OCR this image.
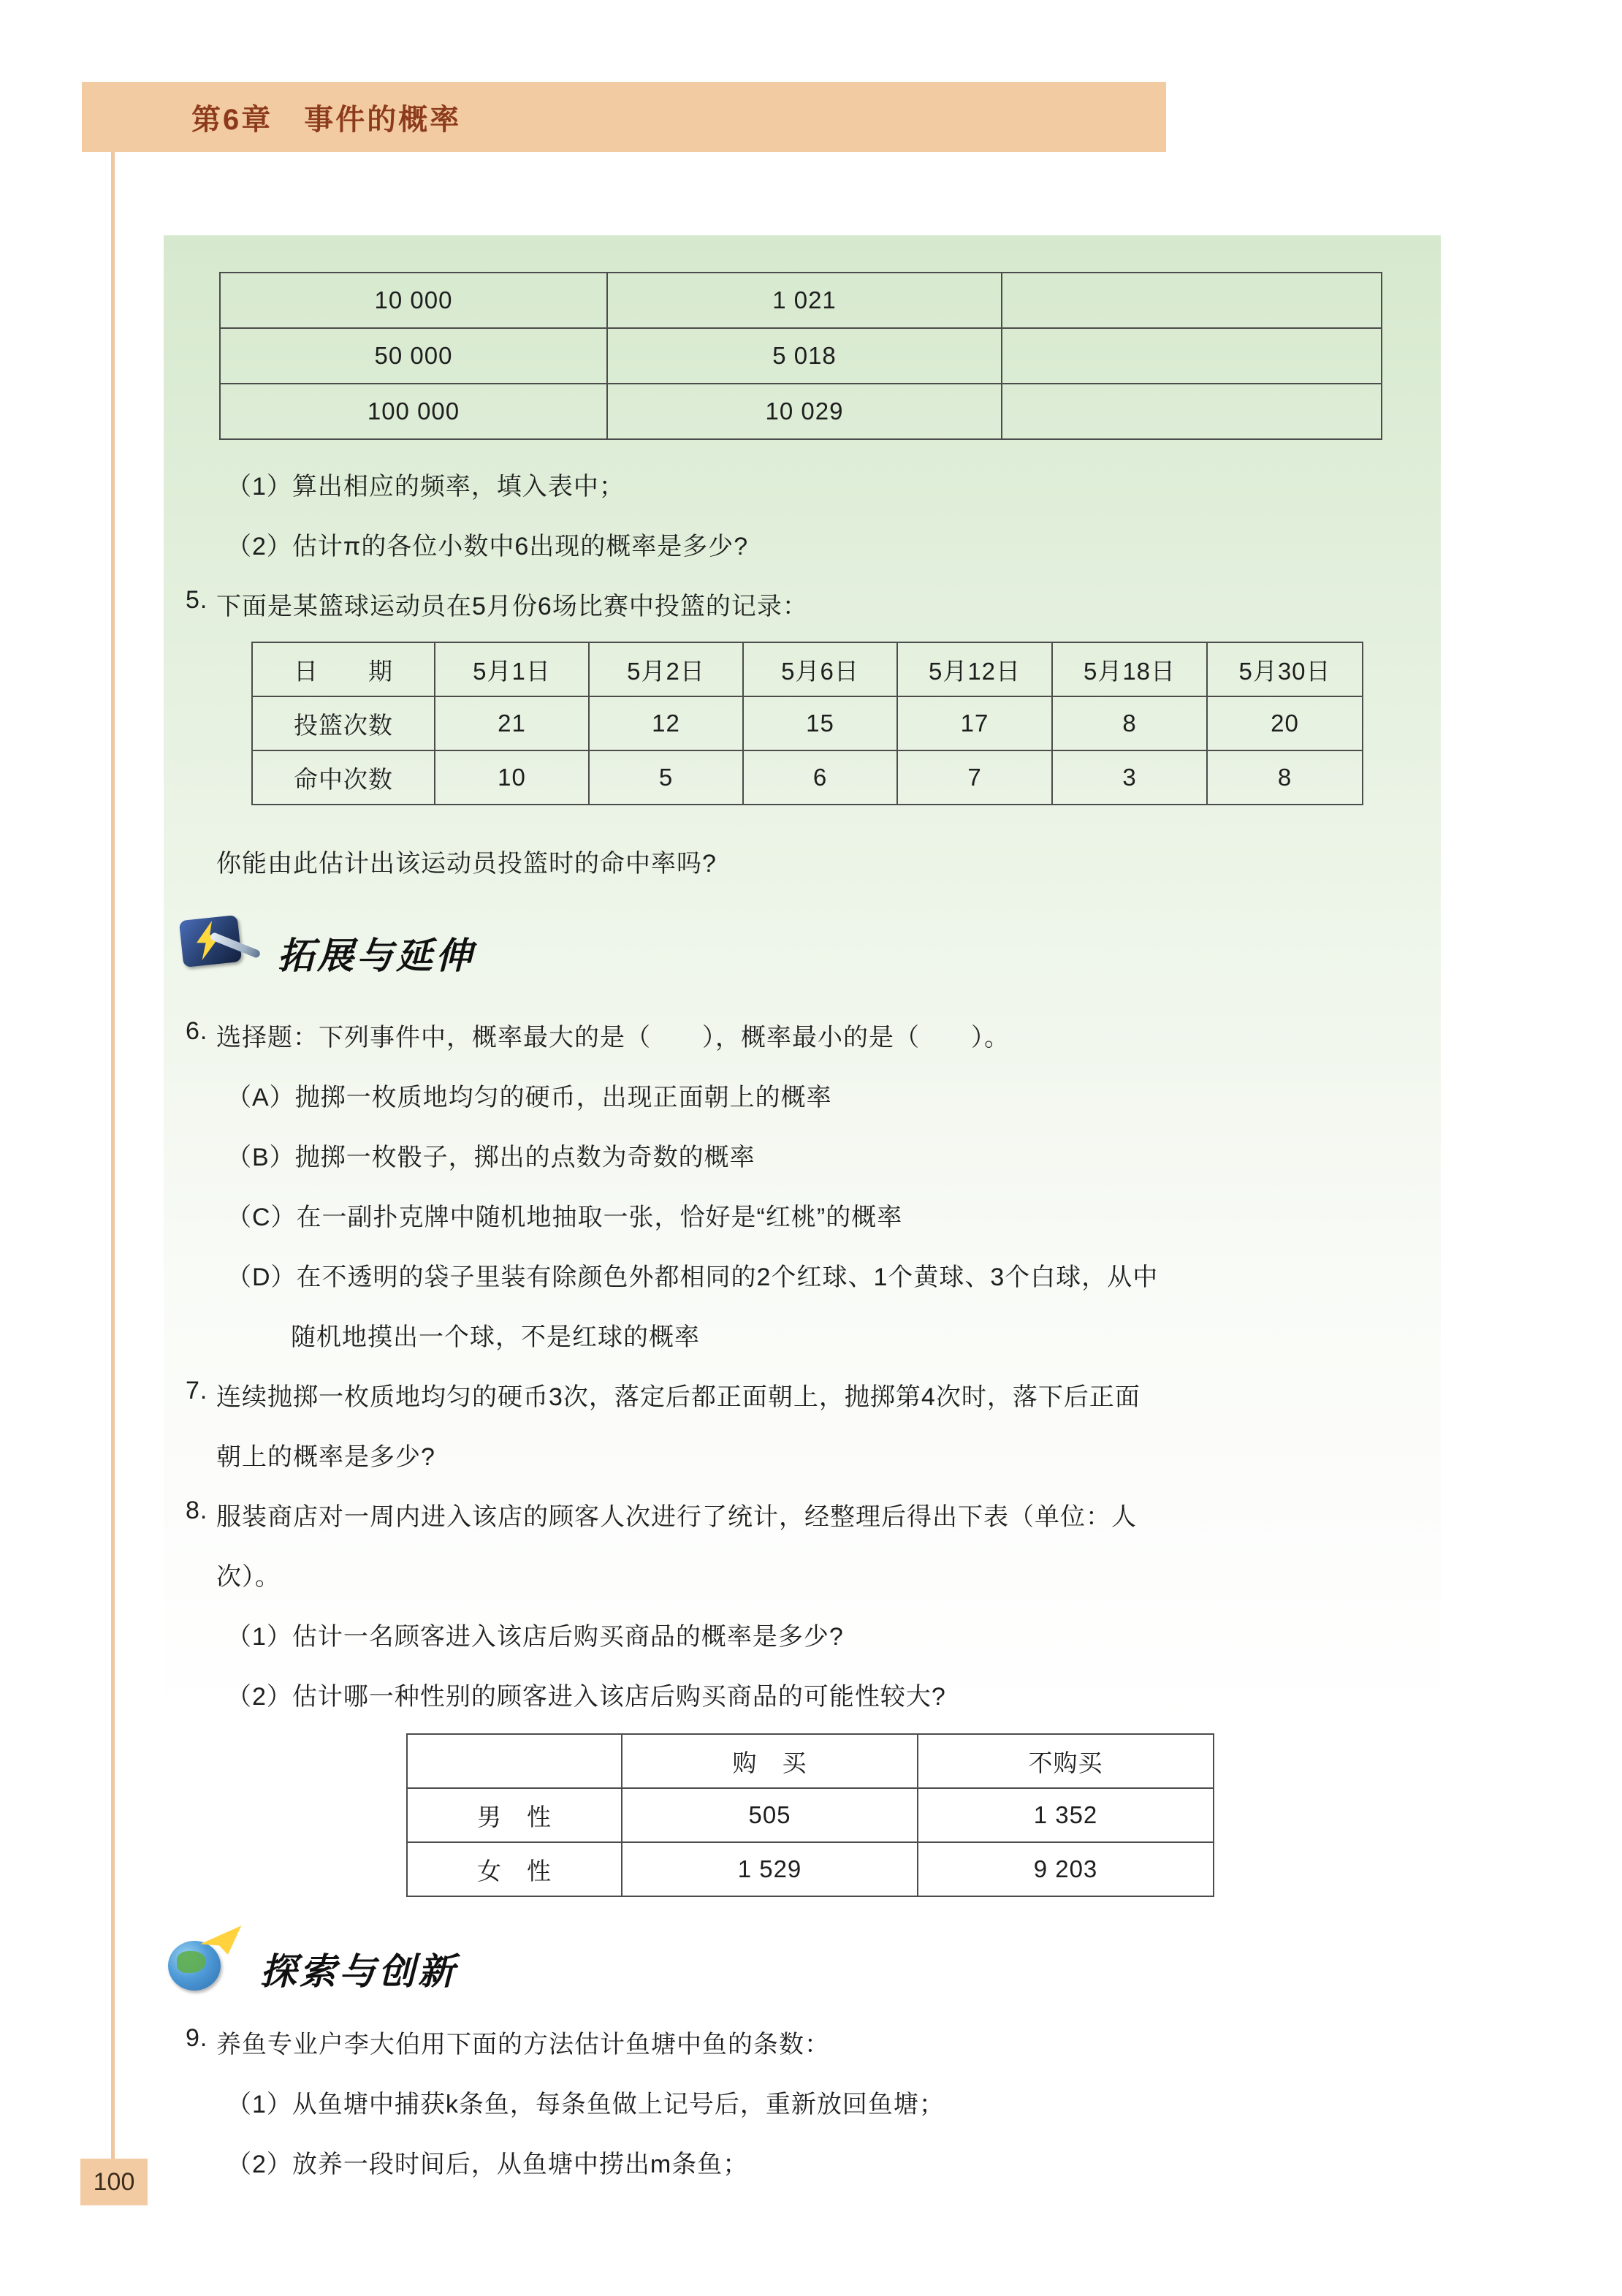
第6章　事件的概率
10 000	1 021	
50 000	5 018	
100 000	10 029	
（1）算出相应的频率，填入表中；
（2）估计π的各位小数中6出现的概率是多少?
5. 下面是某篮球运动员在5月份6场比赛中投篮的记录：
日　　期	5月1日	5月2日	5月6日	5月12日	5月18日	5月30日
投篮次数	21	12	15	17	8	20
命中次数	10	5	6	7	3	8
你能由此估计出该运动员投篮时的命中率吗?
拓展与延伸
6. 选择题：下列事件中，概率最大的是（　　），概率最小的是（　　）。
（A）抛掷一枚质地均匀的硬币，出现正面朝上的概率
（B）抛掷一枚骰子，掷出的点数为奇数的概率
（C）在一副扑克牌中随机地抽取一张，恰好是“红桃”的概率
（D）在不透明的袋子里装有除颜色外都相同的2个红球、1个黄球、3个白球，从中
随机地摸出一个球，不是红球的概率
7. 连续抛掷一枚质地均匀的硬币3次，落定后都正面朝上，抛掷第4次时，落下后正面
朝上的概率是多少?
8. 服装商店对一周内进入该店的顾客人次进行了统计，经整理后得出下表（单位：人
次）。
（1）估计一名顾客进入该店后购买商品的概率是多少?
（2）估计哪一种性别的顾客进入该店后购买商品的可能性较大?
	购　买	不购买
男　性	505	1 352
女　性	1 529	9 203
探索与创新
9. 养鱼专业户李大伯用下面的方法估计鱼塘中鱼的条数：
（1）从鱼塘中捕获k条鱼，每条鱼做上记号后，重新放回鱼塘；
（2）放养一段时间后，从鱼塘中捞出m条鱼；
100
